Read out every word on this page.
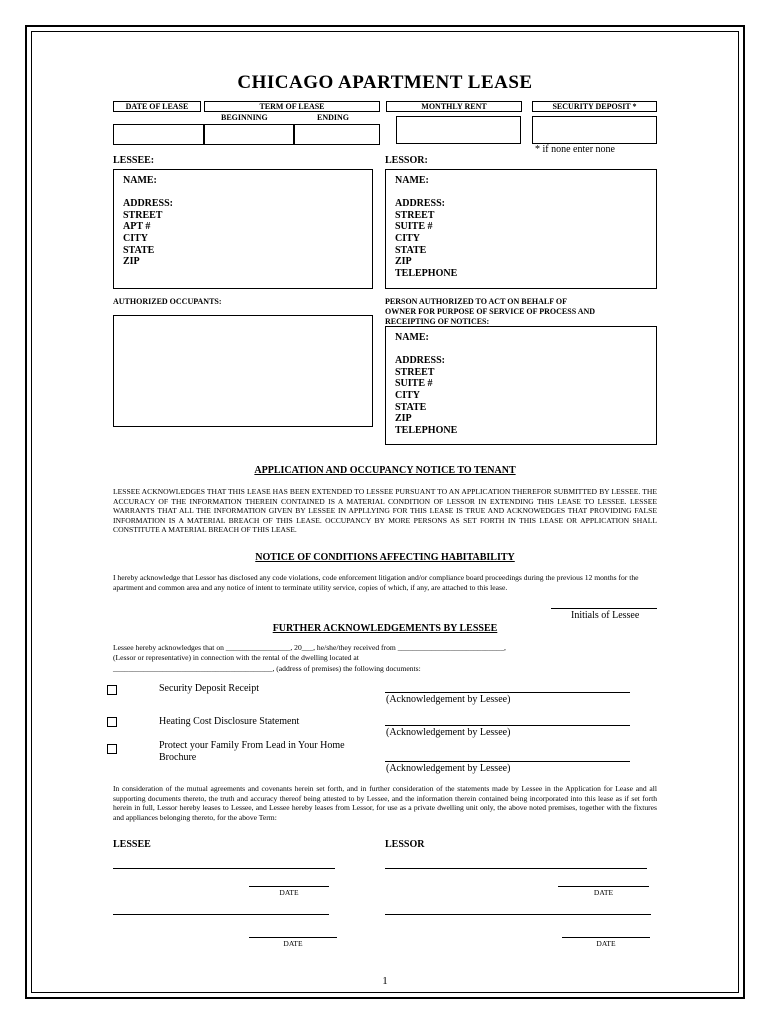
CHICAGO APARTMENT LEASE
DATE OF LEASE	TERM OF LEASE
BEGINNING	ENDING
MONTHLY RENT	SECURITY DEPOSIT *
* if none enter none
LESSEE:	LESSOR:
NAME:
ADDRESS:
STREET
APT #
CITY
STATE
ZIP
NAME:
ADDRESS:
STREET
SUITE #
CITY
STATE
ZIP
TELEPHONE
AUTHORIZED OCCUPANTS:	PERSON AUTHORIZED TO ACT ON BEHALF OF
OWNER FOR PURPOSE OF SERVICE OF PROCESS AND
RECEIPTING OF NOTICES:
NAME:
ADDRESS:
STREET
SUITE #
CITY
STATE
ZIP
TELEPHONE
APPLICATION AND OCCUPANCY NOTICE TO TENANT
LESSEE ACKNOWLEDGES THAT THIS LEASE HAS BEEN EXTENDED TO LESSEE PURSUANT TO AN APPLICATION THEREFOR SUBMITTED BY LESSEE. THE ACCURACY OF THE INFORMATION THEREIN CONTAINED IS A MATERIAL CONDITION OF LESSOR IN EXTENDING THIS LEASE TO LESSEE. LESSEE WARRANTS THAT ALL THE INFORMATION GIVEN BY LESSEE IN APPLLYING FOR THIS LEASE IS TRUE AND ACKNOWEDGES THAT PROVIDING FALSE INFORMATION IS A MATERIAL BREACH OF THIS LEASE. OCCUPANCY BY MORE PERSONS AS SET FORTH IN THIS LEASE OR APPLICATION SHALL CONSTITUTE A MATERIAL BREACH OF THIS LEASE.
NOTICE OF CONDITIONS AFFECTING HABITABILITY
I hereby acknowledge that Lessor has disclosed any code violations, code enforcement litigation and/or compliance board proceedings during the previous 12 months for the apartment and common area and any notice of intent to terminate utility service, copies of which, if any, are attached to this lease.
Initials of Lessee
FURTHER ACKNOWLEDGEMENTS BY LESSEE
Lessee hereby acknowledges that on _________________, 20___, he/she/they received from ____________________________,
(Lessor or representative) in connection with the rental of the dwelling located at
__________________________________________, (address of premises) the following documents:
Security Deposit Receipt
(Acknowledgement by Lessee)
Heating Cost Disclosure Statement
(Acknowledgement by Lessee)
Protect your Family From Lead in Your Home Brochure
(Acknowledgement by Lessee)
In consideration of the mutual agreements and covenants herein set forth, and in further consideration of the statements made by Lessee in the Application for Lease and all supporting documents thereto, the truth and accuracy thereof being attested to by Lessee, and the information therein contained being incorporated into this lease as if set forth herein in full, Lessor hereby leases to Lessee, and Lessee hereby leases from Lessor, for use as a private dwelling unit only, the above noted premises, together with the fixtures and appliances belonging thereto, for the above Term:
LESSEE	LESSOR
DATE	DATE
DATE	DATE
1
